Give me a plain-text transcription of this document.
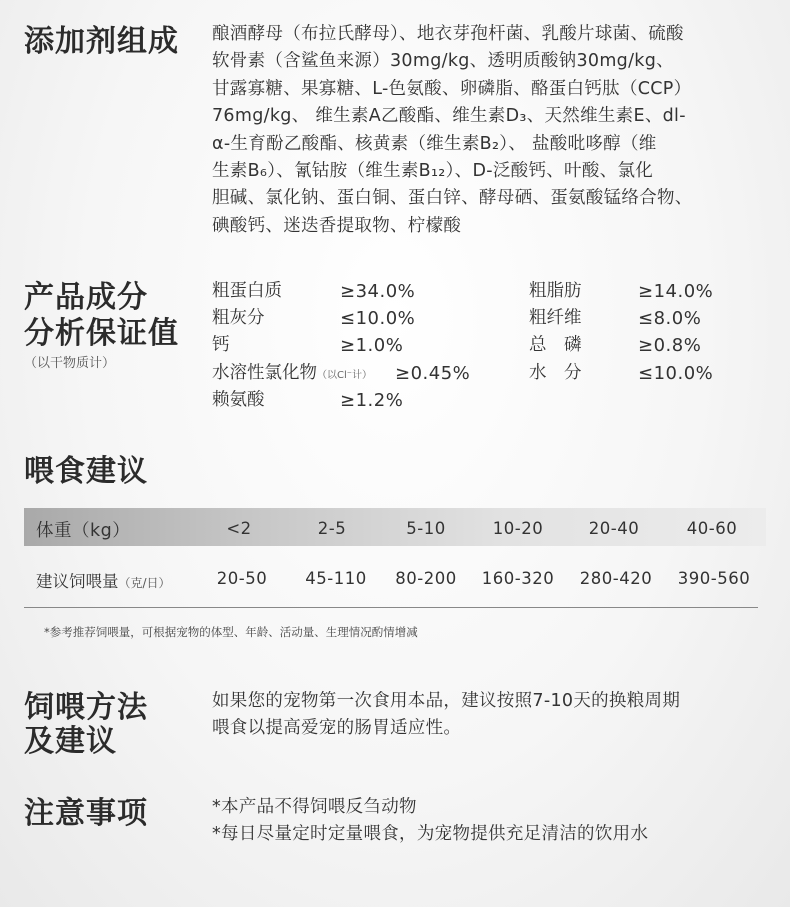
添加剂组成 酿酒酵母（布拉氏酵母）、地衣芽孢杆菌、乳酸片球菌、硫酸
软骨素（含鲨鱼来源）30mg/kg、透明质酸钠30mg/kg、
甘露寡糖、果寡糖、L-色氨酸、卵磷脂、酪蛋白钙肽（CCP）
76mg/kg、 维生素A乙酸酯、维生素D₃、天然维生素E、dl-
α-生育酚乙酸酯、核黄素（维生素B₂）、 盐酸吡哆醇（维
生素B₆）、氰钴胺（维生素B₁₂）、D-泛酸钙、叶酸、氯化
胆碱、氯化钠、蛋白铜、蛋白锌、酵母硒、蛋氨酸锰络合物、
碘酸钙、迷迭香提取物、柠檬酸
产品成分
分析保证值
（以干物质计）
粗蛋白质	≥34.0%
粗灰分	≤10.0%
钙	≥1.0%
水溶性氯化物（以Cl⁻计） ≥0.45%
赖氨酸	≥1.2%
粗脂肪	≥14.0%
粗纤维	≤8.0%
总　磷	≥0.8%
水　分	≤10.0%
喂食建议
体重（kg）	<2	2-5	5-10	10-20	20-40	40-60
建议饲喂量（克/日）	20-50	45-110	80-200	160-320	280-420	390-560
*参考推荐饲喂量，可根据宠物的体型、年龄、活动量、生理情况酌情增减
饲喂方法
及建议
如果您的宠物第一次食用本品，建议按照7-10天的换粮周期
喂食以提高爱宠的肠胃适应性。
注意事项	*本产品不得饲喂反刍动物
*每日尽量定时定量喂食，为宠物提供充足清洁的饮用水
